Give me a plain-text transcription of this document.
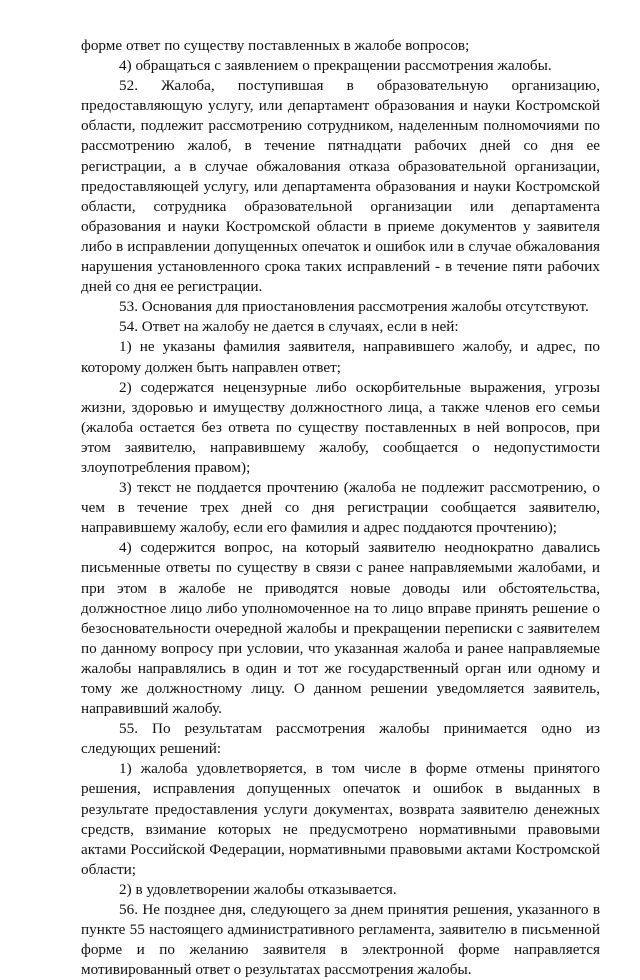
форме ответ по существу поставленных в жалобе вопросов;

4) обращаться с заявлением о прекращении рассмотрения жалобы.

52. Жалоба, поступившая в образовательную организацию, предоставляющую услугу, или департамент образования и науки Костромской области, подлежит рассмотрению сотрудником, наделенным полномочиями по рассмотрению жалоб, в течение пятнадцати рабочих дней со дня ее регистрации, а в случае обжалования отказа образовательной организации, предоставляющей услугу, или департамента образования и науки Костромской области, сотрудника образовательной организации или департамента образования и науки Костромской области в приеме документов у заявителя либо в исправлении допущенных опечаток и ошибок или в случае обжалования нарушения установленного срока таких исправлений - в течение пяти рабочих дней со дня ее регистрации.

53. Основания для приостановления рассмотрения жалобы отсутствуют.

54. Ответ на жалобу не дается в случаях, если в ней:

1) не указаны фамилия заявителя, направившего жалобу, и адрес, по которому должен быть направлен ответ;

2) содержатся нецензурные либо оскорбительные выражения, угрозы жизни, здоровью и имуществу должностного лица, а также членов его семьи (жалоба остается без ответа по существу поставленных в ней вопросов, при этом заявителю, направившему жалобу, сообщается о недопустимости злоупотребления правом);

3) текст не поддается прочтению (жалоба не подлежит рассмотрению, о чем в течение трех дней со дня регистрации сообщается заявителю, направившему жалобу, если его фамилия и адрес поддаются прочтению);

4) содержится вопрос, на который заявителю неоднократно давались письменные ответы по существу в связи с ранее направляемыми жалобами, и при этом в жалобе не приводятся новые доводы или обстоятельства, должностное лицо либо уполномоченное на то лицо вправе принять решение о безосновательности очередной жалобы и прекращении переписки с заявителем по данному вопросу при условии, что указанная жалоба и ранее направляемые жалобы направлялись в один и тот же государственный орган или одному и тому же должностному лицу. О данном решении уведомляется заявитель, направивший жалобу.

55. По результатам рассмотрения жалобы принимается одно из следующих решений:

1) жалоба удовлетворяется, в том числе в форме отмены принятого решения, исправления допущенных опечаток и ошибок в выданных в результате предоставления услуги документах, возврата заявителю денежных средств, взимание которых не предусмотрено нормативными правовыми актами Российской Федерации, нормативными правовыми актами Костромской области;

2) в удовлетворении жалобы отказывается.

56. Не позднее дня, следующего за днем принятия решения, указанного в пункте 55 настоящего административного регламента, заявителю в письменной форме и по желанию заявителя в электронной форме направляется мотивированный ответ о результатах рассмотрения жалобы.
